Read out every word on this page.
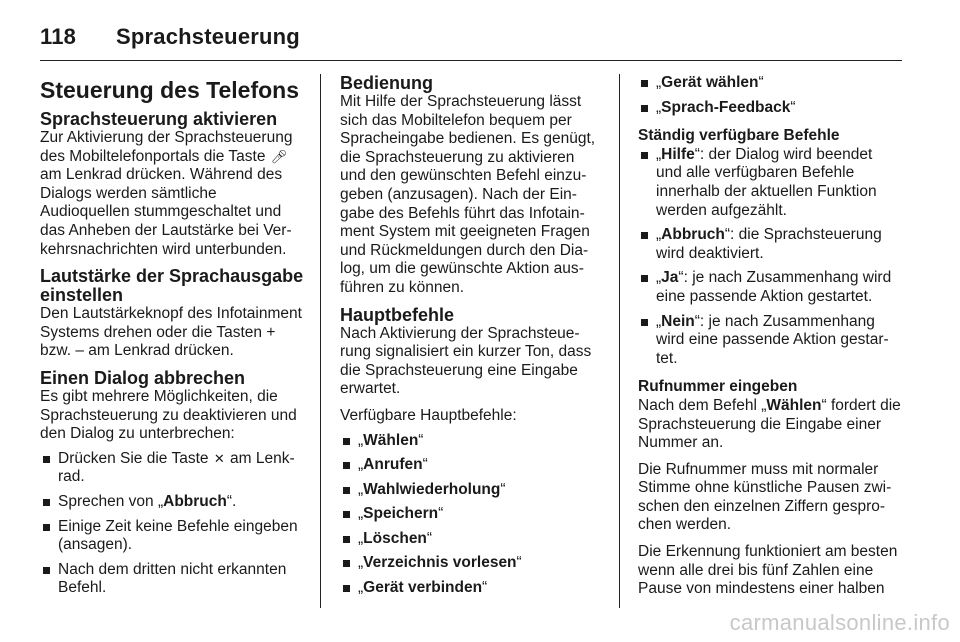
118	Sprachsteuerung
Steuerung des Telefons
Sprachsteuerung aktivieren

Zur Aktivierung der Sprachsteuerung des Mobiltelefonportals die Taste 🎤︎ am Lenkrad drücken. Während des Dialogs werden sämtliche Audioquellen stummgeschaltet und das Anheben der Lautstärke bei Verkehrsnachrichten wird unterbunden.

Lautstärke der Sprachausgabe einstellen

Den Lautstärkeknopf des Infotainment Systems drehen oder die Tasten + bzw. – am Lenkrad drücken.

Einen Dialog abbrechen

Es gibt mehrere Möglichkeiten, die Sprachsteuerung zu deaktivieren und den Dialog zu unterbrechen:

Drücken Sie die Taste ✕ am Lenkrad.
Sprechen von „Abbruch“.
Einige Zeit keine Befehle eingeben (ansagen).
Nach dem dritten nicht erkannten Befehl.
Bedienung

Mit Hilfe der Sprachsteuerung lässt sich das Mobiltelefon bequem per Spracheingabe bedienen. Es genügt, die Sprachsteuerung zu aktivieren und den gewünschten Befehl einzugeben (anzusagen). Nach der Eingabe des Befehls führt das Infotainment System mit geeigneten Fragen und Rückmeldungen durch den Dialog, um die gewünschte Aktion ausführen zu können.

Hauptbefehle

Nach Aktivierung der Sprachsteuerung signalisiert ein kurzer Ton, dass die Sprachsteuerung eine Eingabe erwartet.

Verfügbare Hauptbefehle:

„Wählen“
„Anrufen“
„Wahlwiederholung“
„Speichern“
„Löschen“
„Verzeichnis vorlesen“
„Gerät verbinden“
„Gerät wählen“
„Sprach-Feedback“
Ständig verfügbare Befehle
„Hilfe“: der Dialog wird beendet und alle verfügbaren Befehle innerhalb der aktuellen Funktion werden aufgezählt.
„Abbruch“: die Sprachsteuerung wird deaktiviert.
„Ja“: je nach Zusammenhang wird eine passende Aktion gestartet.
„Nein“: je nach Zusammenhang wird eine passende Aktion gestartet.
Rufnummer eingeben

Nach dem Befehl „Wählen“ fordert die Sprachsteuerung die Eingabe einer Nummer an.

Die Rufnummer muss mit normaler Stimme ohne künstliche Pausen zwischen den einzelnen Ziffern gesprochen werden.

Die Erkennung funktioniert am besten wenn alle drei bis fünf Zahlen eine Pause von mindestens einer halben

carmanualsonline.info
